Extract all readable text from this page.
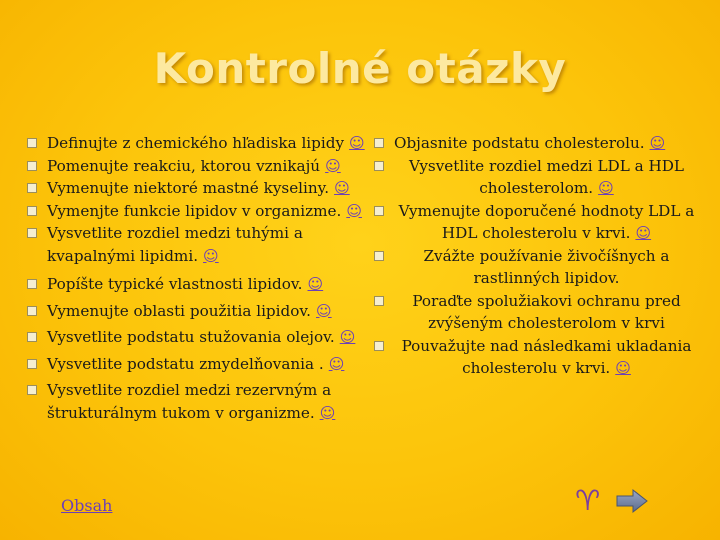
Kontrolné otázky
Definujte z chemického hľadiska lipidy ☺
Pomenujte reakciu, ktorou vznikajú ☺
Vymenujte niektoré mastné kyseliny. ☺
Vymenjte funkcie lipidov v organizme. ☺
Vysvetlite rozdiel medzi tuhými a kvapalnými lipidmi. ☺
Popíšte typické vlastnosti lipidov. ☺
Vymenujte oblasti použitia lipidov. ☺
Vysvetlite podstatu stužovania olejov. ☺
Vysvetlite podstatu zmydelňovania . ☺
Vysvetlite rozdiel medzi rezervným a štrukturálnym tukom v organizme. ☺
Objasnite podstatu cholesterolu. ☺
Vysvetlite rozdiel medzi LDL a HDL cholesterolom. ☺
Vymenujte doporučené hodnoty LDL a HDL cholesterolu v krvi. ☺
Zvážte používanie živočíšnych a rastlinných lipidov.
Poraďte spolužiakovi ochranu pred zvýšeným cholesterolom v krvi
Pouvažujte nad následkami ukladania cholesterolu v krvi. ☺
Obsah	♈
